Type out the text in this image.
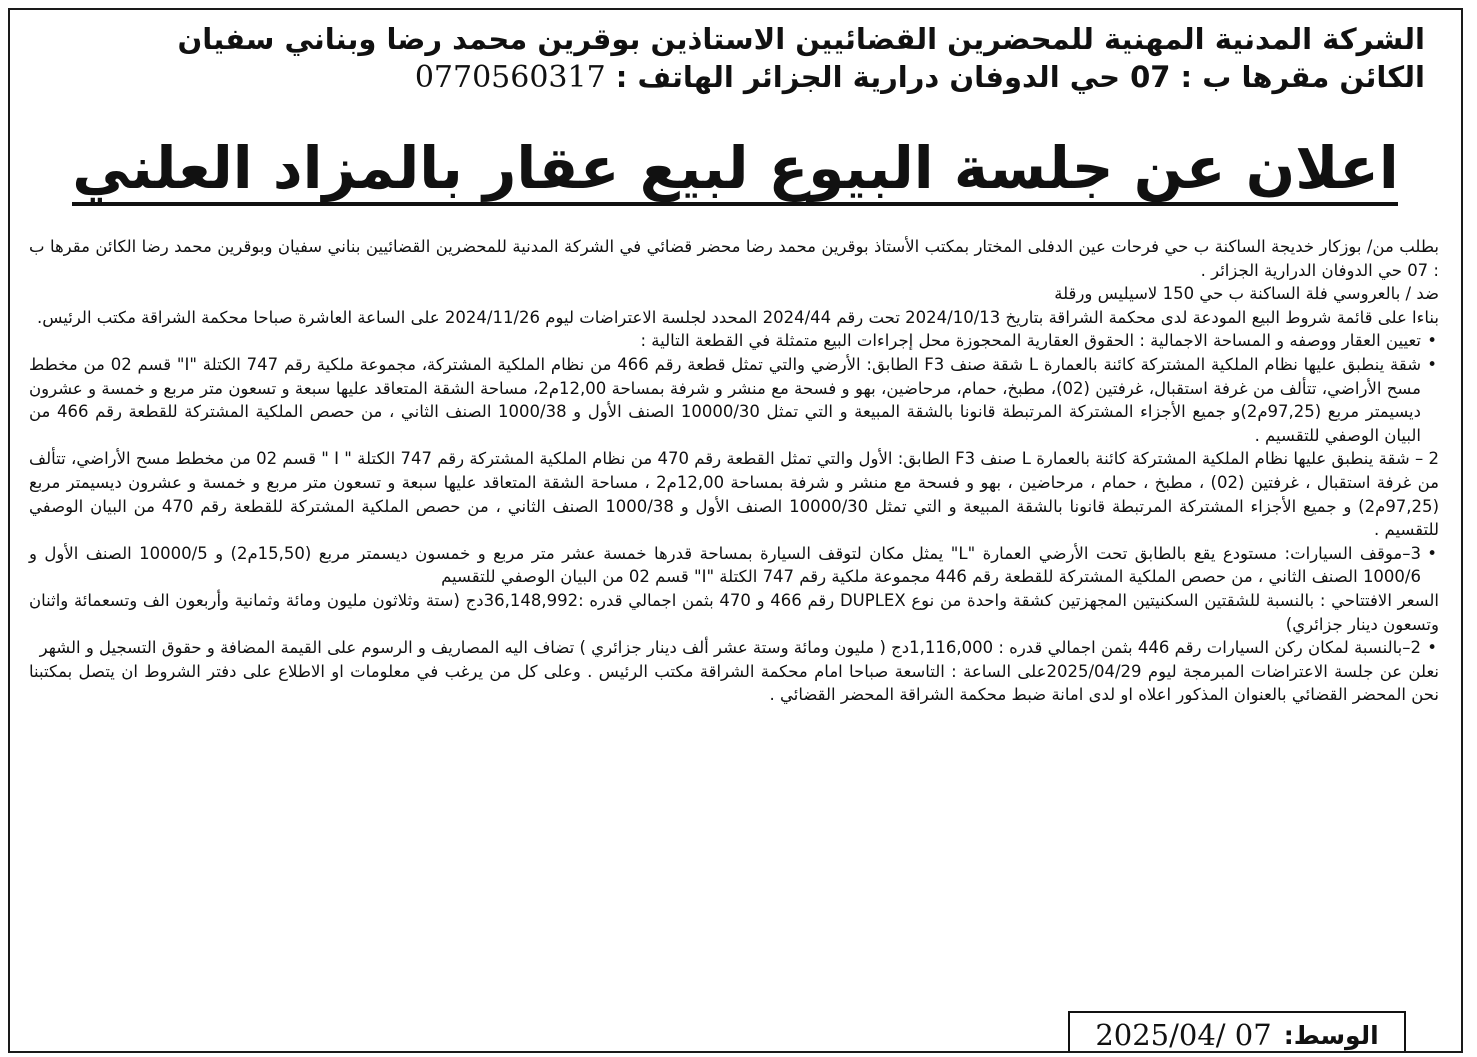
الشركة المدنية المهنية للمحضرين القضائيين الاستاذين بوقرين محمد رضا وبناني سفيان
الكائن مقرها ب : 07 حي الدوفان درارية الجزائر الهاتف : 0770560317
اعلان عن جلسة البيوع لبيع عقار بالمزاد العلني

بطلب من/ بوزكار خديجة الساكنة ب حي فرحات عين الدفلى المختار بمكتب الأستاذ بوقرين محمد رضا محضر قضائي في الشركة المدنية للمحضرين القضائيين بناني سفيان وبوقرين محمد رضا الكائن مقرها ب : 07 حي الدوفان الدرارية الجزائر .

ضد / بالعروسي فلة الساكنة ب حي 150 لاسيليس ورقلة

بناءا على قائمة شروط البيع المودعة لدى محكمة الشراقة بتاريخ 2024/10/13 تحت رقم 2024/44 المحدد لجلسة الاعتراضات ليوم 2024/11/26 على الساعة العاشرة صباحا محكمة الشراقة مكتب الرئيس.

• تعيين العقار ووصفه و المساحة الاجمالية : الحقوق العقارية المحجوزة محل إجراءات البيع متمثلة في القطعة التالية :

• شقة ينطبق عليها نظام الملكية المشتركة كائنة بالعمارة L شقة صنف F3 الطابق: الأرضي والتي تمثل قطعة رقم 466 من نظام الملكية المشتركة، مجموعة ملكية رقم 747 الكتلة "I" قسم 02 من مخطط مسح الأراضي، تتألف من غرفة استقبال، غرفتين (02)، مطبخ، حمام، مرحاضين، بهو و فسحة مع منشر و شرفة بمساحة 12,00م2، مساحة الشقة المتعاقد عليها سبعة و تسعون متر مربع و خمسة و عشرون ديسيمتر مربع (97,25م2)و جميع الأجزاء المشتركة المرتبطة قانونا بالشقة المبيعة و التي تمثل 10000/30 الصنف الأول و 1000/38 الصنف الثاني ، من حصص الملكية المشتركة للقطعة رقم 466 من البيان الوصفي للتقسيم .

2 – شقة ينطبق عليها نظام الملكية المشتركة كائنة بالعمارة L صنف F3 الطابق: الأول والتي تمثل القطعة رقم 470 من نظام الملكية المشتركة رقم 747 الكتلة " I " قسم 02 من مخطط مسح الأراضي، تتألف من غرفة استقبال ، غرفتين (02) ، مطبخ ، حمام ، مرحاضين ، بهو و فسحة مع منشر و شرفة بمساحة 12,00م2 ، مساحة الشقة المتعاقد عليها سبعة و تسعون متر مربع و خمسة و عشرون ديسيمتر مربع (97,25م2) و جميع الأجزاء المشتركة المرتبطة قانونا بالشقة المبيعة و التي تمثل 10000/30 الصنف الأول و 1000/38 الصنف الثاني ، من حصص الملكية المشتركة للقطعة رقم 470 من البيان الوصفي للتقسيم .

• 3–موقف السيارات: مستودع يقع بالطابق تحت الأرضي العمارة "L" يمثل مكان لتوقف السيارة بمساحة قدرها خمسة عشر متر مربع و خمسون ديسمتر مربع (15,50م2) و 10000/5 الصنف الأول و 1000/6 الصنف الثاني ، من حصص الملكية المشتركة للقطعة رقم 446 مجموعة ملكية رقم 747 الكتلة "I" قسم 02 من البيان الوصفي للتقسيم

السعر الافتتاحي : بالنسبة للشقتين السكنيتين المجهزتين كشقة واحدة من نوع DUPLEX رقم 466 و 470 بثمن اجمالي قدره :36,148,992دج (ستة وثلاثون مليون ومائة وثمانية وأربعون الف وتسعمائة واثنان وتسعون دينار جزائري)

• 2–بالنسبة لمكان ركن السيارات رقم 446 بثمن اجمالي قدره : 1,116,000دج ( مليون ومائة وستة عشر ألف دينار جزائري ) تضاف اليه المصاريف و الرسوم على القيمة المضافة و حقوق التسجيل و الشهر

نعلن عن جلسة الاعتراضات المبرمجة ليوم 2025/04/29على الساعة : التاسعة صباحا امام محكمة الشراقة مكتب الرئيس . وعلى كل من يرغب في معلومات او الاطلاع على دفتر الشروط ان يتصل بمكتبنا نحن المحضر القضائي بالعنوان المذكور اعلاه او لدى امانة ضبط محكمة الشراقة المحضر القضائي .

الوسط:
2025/04/ 07
